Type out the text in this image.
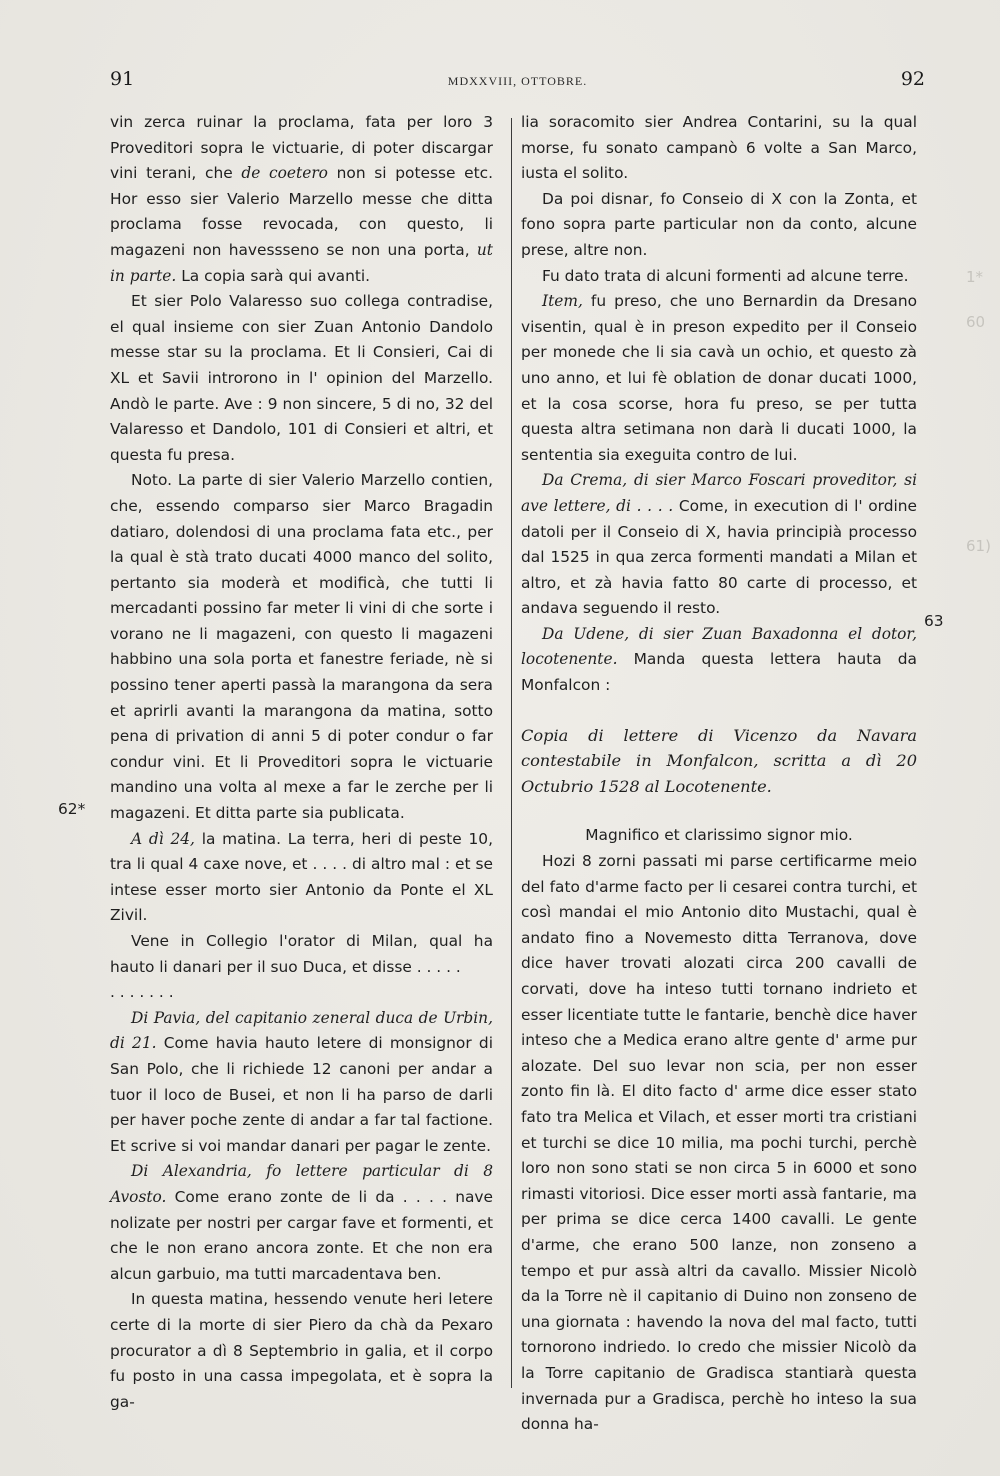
91	MDXXVIII, OTTOBRE.	92
62*
63
1*
60
61)

vin zerca ruinar la proclama, fata per loro 3 Proveditori sopra le victuarie, di poter discargar vini terani, che de coetero non si potesse etc. Hor esso sier Valerio Marzello messe che ditta proclama fosse revocada, con questo, li magazeni non havessseno se non una porta, ut in parte. La copia sarà qui avanti.

Et sier Polo Valaresso suo collega contradise, el qual insieme con sier Zuan Antonio Dandolo messe star su la proclama. Et li Consieri, Cai di XL et Savii introrono in l' opinion del Marzello. Andò le parte. Ave : 9 non sincere, 5 di no, 32 del Valaresso et Dandolo, 101 di Consieri et altri, et questa fu presa.

Noto. La parte di sier Valerio Marzello contien, che, essendo comparso sier Marco Bragadin datiaro, dolendosi di una proclama fata etc., per la qual è stà trato ducati 4000 manco del solito, pertanto sia moderà et modificà, che tutti li mercadanti possino far meter li vini di che sorte i vorano ne li magazeni, con questo li magazeni habbino una sola porta et fanestre feriade, nè si possino tener aperti passà la marangona da sera et aprirli avanti la marangona da matina, sotto pena di privation di anni 5 di poter condur o far condur vini. Et li Proveditori sopra le victuarie mandino una volta al mexe a far le zerche per li magazeni. Et ditta parte sia publicata.

A dì 24, la matina. La terra, heri di peste 10, tra li qual 4 caxe nove, et . . . . di altro mal : et se intese esser morto sier Antonio da Ponte el XL Zivil.

Vene in Collegio l'orator di Milan, qual ha hauto li danari per il suo Duca, et disse . . . . .

. . . . . . .

Di Pavia, del capitanio zeneral duca de Urbin, di 21. Come havia hauto letere di monsignor di San Polo, che li richiede 12 canoni per andar a tuor il loco de Busei, et non li ha parso de darli per haver poche zente di andar a far tal factione. Et scrive si voi mandar danari per pagar le zente.

Di Alexandria, fo lettere particular di 8 Avosto. Come erano zonte de li da . . . . nave nolizate per nostri per cargar fave et formenti, et che le non erano ancora zonte. Et che non era alcun garbuio, ma tutti marcadentava ben.

In questa matina, hessendo venute heri letere certe di la morte di sier Piero da chà da Pexaro procurator a dì 8 Septembrio in galia, et il corpo fu posto in una cassa impegolata, et è sopra la ga-

lia soracomito sier Andrea Contarini, su la qual morse, fu sonato campanò 6 volte a San Marco, iusta el solito.

Da poi disnar, fo Conseio di X con la Zonta, et fono sopra parte particular non da conto, alcune prese, altre non.

Fu dato trata di alcuni formenti ad alcune terre.

Item, fu preso, che uno Bernardin da Dresano visentin, qual è in preson expedito per il Conseio per monede che li sia cavà un ochio, et questo zà uno anno, et lui fè oblation de donar ducati 1000, et la cosa scorse, hora fu preso, se per tutta questa altra setimana non darà li ducati 1000, la sententia sia exeguita contro de lui.

Da Crema, di sier Marco Foscari proveditor, si ave lettere, di . . . . Come, in execution di l' ordine datoli per il Conseio di X, havia principià processo dal 1525 in qua zerca formenti mandati a Milan et altro, et zà havia fatto 80 carte di processo, et andava seguendo il resto.

Da Udene, di sier Zuan Baxadonna el dotor, locotenente. Manda questa lettera hauta da Monfalcon :

Copia di lettere di Vicenzo da Navara contestabile in Monfalcon, scritta a dì 20 Octubrio 1528 al Locotenente.

Magnifico et clarissimo signor mio.

Hozi 8 zorni passati mi parse certificarme meio del fato d'arme facto per li cesarei contra turchi, et così mandai el mio Antonio dito Mustachi, qual è andato fino a Novemesto ditta Terranova, dove dice haver trovati alozati circa 200 cavalli de corvati, dove ha inteso tutti tornano indrieto et esser licentiate tutte le fantarie, benchè dice haver inteso che a Medica erano altre gente d' arme pur alozate. Del suo levar non scia, per non esser zonto fin là. El dito facto d' arme dice esser stato fato tra Melica et Vilach, et esser morti tra cristiani et turchi se dice 10 milia, ma pochi turchi, perchè loro non sono stati se non circa 5 in 6000 et sono rimasti vitoriosi. Dice esser morti assà fantarie, ma per prima se dice cerca 1400 cavalli. Le gente d'arme, che erano 500 lanze, non zonseno a tempo et pur assà altri da cavallo. Missier Nicolò da la Torre nè il capitanio di Duino non zonseno de una giornata : havendo la nova del mal facto, tutti tornorono indriedo. Io credo che missier Nicolò da la Torre capitanio de Gradisca stantiarà questa invernada pur a Gradisca, perchè ho inteso la sua donna ha-
